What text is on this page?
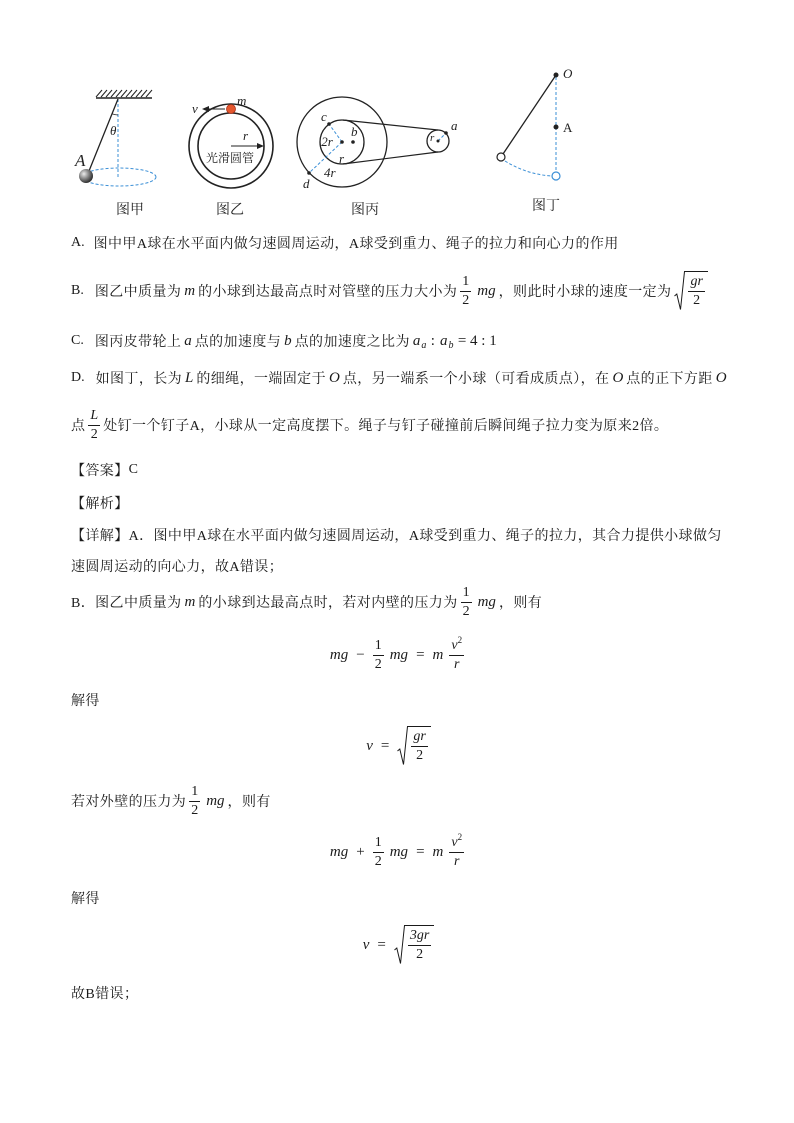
θ
A
图甲
v
m
r
光滑圆管
图乙
c
2r
b
r
d
4r
r
a
图丙
O
A
图丁
A. 图中甲A球在水平面内做匀速圆周运动，A球受到重力、绳子的拉力和向心力的作用
B. 图乙中质量为 m 的小球到达最高点时对管壁的压力大小为 $\frac{1}{2}$ mg ，则此时小球的速度一定为 $\frac{gr}{2}$
C. 图丙皮带轮上 a 点的加速度与 b 点的加速度之比为 a a : a b = 4 : 1
D. 如图丁，长为 L 的细绳，一端固定于 O 点，另一端系一个小球（可看成质点），在 O 点的正下方距 O
点 $\frac{L}{2}$ 处钉一个钉子A，小球从一定高度摆下。绳子与钉子碰撞前后瞬间绳子拉力变为原来2倍。
【答案】 C
【解析】
【详解】 A．图中甲A球在水平面内做匀速圆周运动，A球受到重力、绳子的拉力，其合力提供小球做匀
速圆周运动的向心力，故A错误；
B．图乙中质量为 m 的小球到达最高点时，若对内壁的压力为 $\frac{1}{2}$ mg ，则有
mg − $\frac{1}{2}$ mg = m $\frac{v^2}{r}$
解得
$v = \frac{gr}{2}$
若对外壁的压力为 $\frac{1}{2}$ mg ，则有
mg + $\frac{1}{2}$ mg = m $\frac{v^2}{r}$
解得
$v = \frac{3gr}{2}$
故B错误；
